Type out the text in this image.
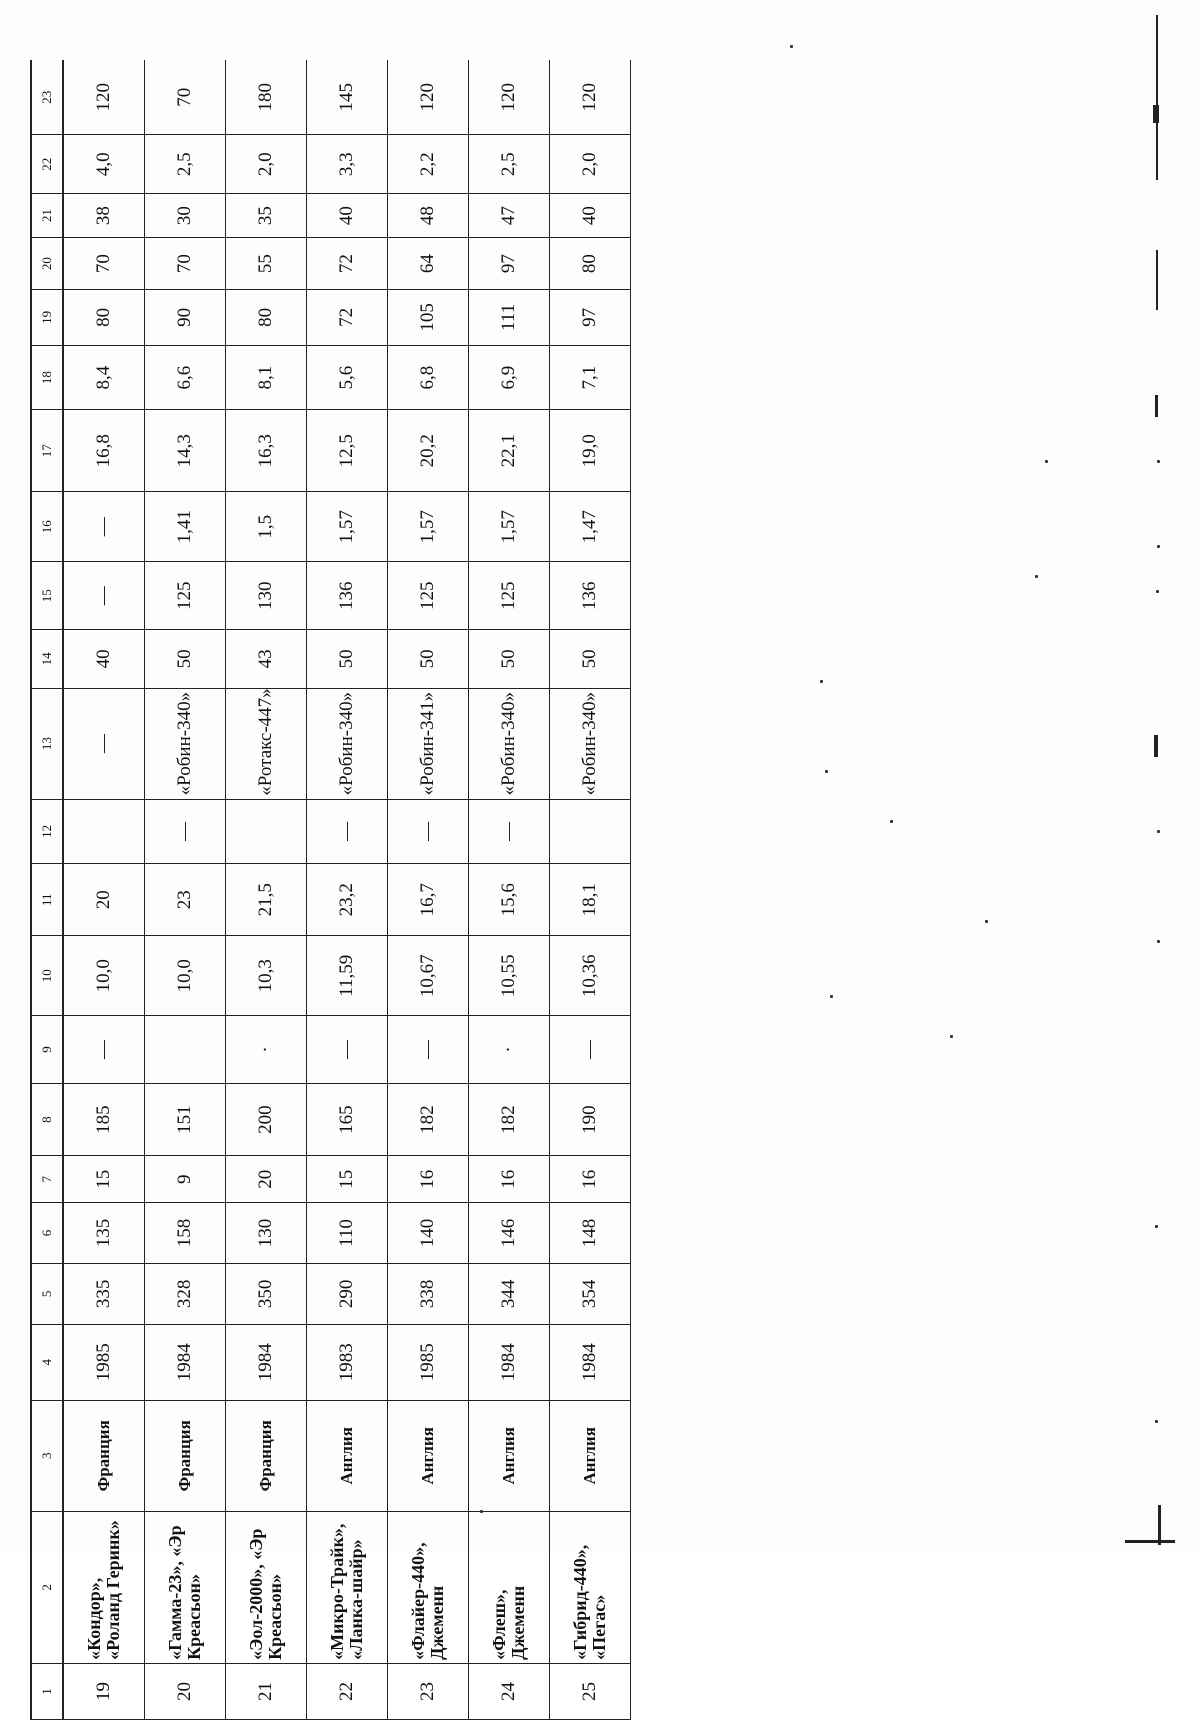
1	2	3	4	5	6	7	8	9	10	11	12	13	14	15	16	17	18	19	20	21	22	23
19	«Кондор», «Роланд Геринк»	Франция	1985	335	135	15	185	—	10,0	20		—	40	—	—	16,8	8,4	80	70	38	4,0	120
20	«Гамма-23», «Эр Креасьон»	Франция	1984	328	158	9	151		10,0	23	—	«Робин-340»	50	125	1,41	14,3	6,6	90	70	30	2,5	70
21	«Эол-2000», «Эр Креасьон»	Франция	1984	350	130	20	200	·	10,3	21,5		«Ротакс-447»	43	130	1,5	16,3	8,1	80	55	35	2,0	180
22	«Микро-Трайк», «Ланка-шайр»	Англия	1983	290	110	15	165	—	11,59	23,2	—	«Робин-340»	50	136	1,57	12,5	5,6	72	72	40	3,3	145
23	«Флайер-440», Джеменн	Англия	1985	338	140	16	182	—	10,67	16,7	—	«Робин-341»	50	125	1,57	20,2	6,8	105	64	48	2,2	120
24	«Флеш», Джеменн	Англия	1984	344	146	16	182	·	10,55	15,6	—	«Робин-340»	50	125	1,57	22,1	6,9	111	97	47	2,5	120
25	«Гибрид-440», «Пегас»	Англия	1984	354	148	16	190	—	10,36	18,1		«Робин-340»	50	136	1,47	19,0	7,1	97	80	40	2,0	120
